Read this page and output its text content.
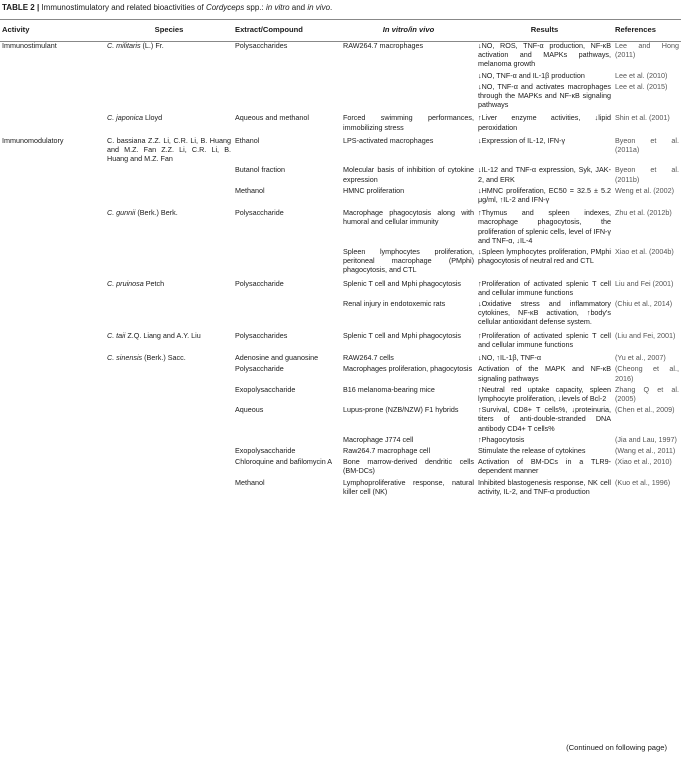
TABLE 2 | Immunostimulatory and related bioactivities of Cordyceps spp.: in vitro and in vivo.
Activity	Species	Extract/Compound	In vitro/in vivo	Results	References
Immunostimulant	C. militaris (L.) Fr.	Polysaccharides	RAW264.7 macrophages	↓NO, ROS, TNF-α production, NF-κB activation and MAPKs pathways, melanoma growth	Lee and Hong (2011)
				↓NO, TNF-α and IL-1β production	Lee et al. (2010)
				↓NO, TNF-α and activates macrophages through the MAPKs and NF-κB signaling pathways	Lee et al. (2015)
	C. japonica Lloyd	Aqueous and methanol	Forced swimming performances, immobilizing stress	↑Liver enzyme activities, ↓lipid peroxidation	Shin et al. (2001)
Immunomodulatory	C. bassiana Z.Z. Li, C.R. Li, B. Huang and M.Z. Fan Z.Z. Li, C.R. Li, B. Huang and M.Z. Fan	Ethanol	LPS-activated macrophages	↓Expression of IL-12, IFN-γ	Byeon et al. (2011a)
		Butanol fraction	Molecular basis of inhibition of cytokine expression	↓IL-12 and TNF-α expression, Syk, JAK-2, and ERK	Byeon et al. (2011b)
		Methanol	HMNC proliferation	↓HMNC proliferation, EC50 = 32.5 ± 5.2 μg/ml, ↑IL-2 and IFN-γ	Weng et al. (2002)
	C. gunnii (Berk.) Berk.	Polysaccharide	Macrophage phagocytosis along with humoral and cellular immunity	↑Thymus and spleen indexes, macrophage phagocytosis, the proliferation of splenic cells, level of IFN-γ and TNF-α, ↓IL-4	Zhu et al. (2012b)
			Spleen lymphocytes proliferation, peritoneal macrophage (PMphi) phagocytosis, and CTL	↓Spleen lymphocytes proliferation, PMphi phagocytosis of neutral red and CTL	Xiao et al. (2004b)
	C. pruinosa Petch	Polysaccharide	Splenic T cell and Mphi phagocytosis	↑Proliferation of activated splenic T cell and cellular immune functions	Liu and Fei (2001)
			Renal injury in endotoxemic rats	↓Oxidative stress and inflammatory cytokines, NF-κB activation, ↑body's cellular antioxidant defense system.	(Chiu et al., 2014)
	C. taii Z.Q. Liang and A.Y. Liu	Polysaccharides	Splenic T cell and Mphi phagocytosis	↑Proliferation of activated splenic T cell and cellular immune functions	(Liu and Fei, 2001)
	C. sinensis (Berk.) Sacc.	Adenosine and guanosine	RAW264.7 cells	↓NO, ↑IL-1β, TNF-α	(Yu et al., 2007)
		Polysaccharide	Macrophages proliferation, phagocytosis	Activation of the MAPK and NF-κB signaling pathways	(Cheong et al., 2016)
		Exopolysaccharide	B16 melanoma-bearing mice	↑Neutral red uptake capacity, spleen lymphocyte proliferation, ↓levels of Bcl-2	Zhang Q et al. (2005)
		Aqueous	Lupus-prone (NZB/NZW) F1 hybrids	↑Survival, CD8+ T cells%, ↓proteinuria, titers of anti-double-stranded DNA antibody CD4+ T cells%	(Chen et al., 2009)
			Macrophage J774 cell	↑Phagocytosis	(Jia and Lau, 1997)
		Exopolysaccharide	Raw264.7 macrophage cell	Stimulate the release of cytokines	(Wang et al., 2011)
		Chloroquine and bafilomycin A	Bone marrow-derived dendritic cells (BM-DCs)	Activation of BM-DCs in a TLR9-dependent manner	(Xiao et al., 2010)
		Methanol	Lymphoproliferative response, natural killer cell (NK)	Inhibited blastogenesis response, NK cell activity, IL-2, and TNF-α production	(Kuo et al., 1996)
(Continued on following page)
